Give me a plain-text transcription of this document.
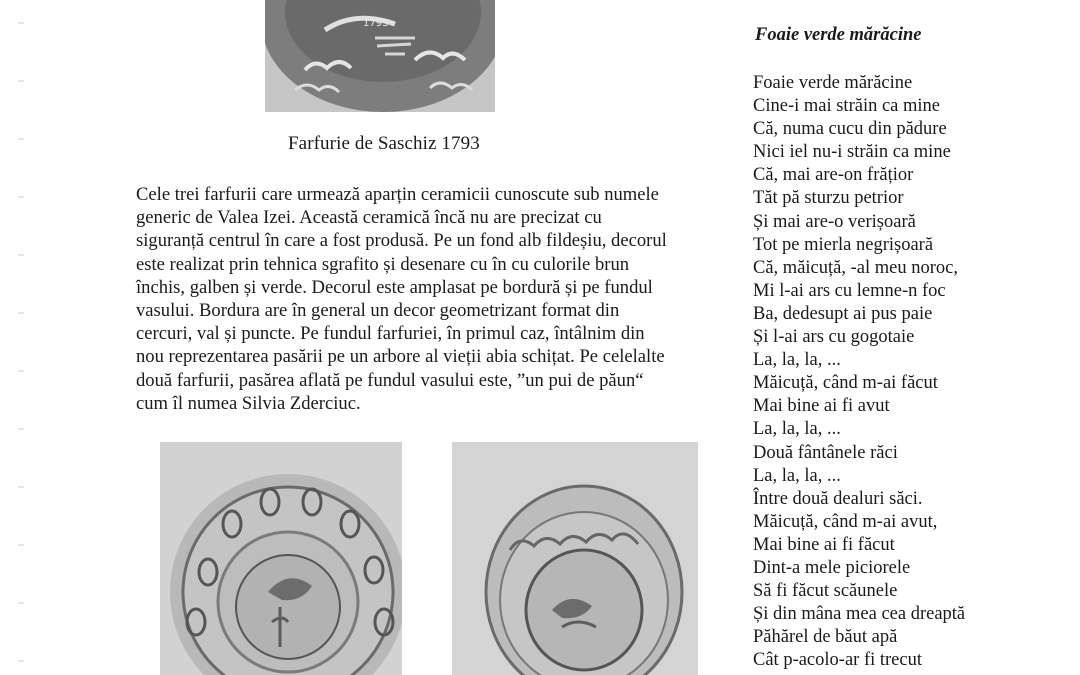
1793
Farfurie de Saschiz 1793
Cele trei farfurii care urmează aparțin ceramicii cunoscute sub numele
generic de Valea Izei. Această ceramică încă nu are precizat cu
siguranță centrul în care a fost produsă. Pe un fond alb fildeșiu, decorul
este realizat prin tehnica sgrafito și desenare cu în cu culorile brun
închis, galben și verde. Decorul este amplasat pe bordură și pe fundul
vasului. Bordura are în general un decor geometrizant format din
cercuri, val și puncte. Pe fundul farfuriei, în primul caz, întâlnim din
nou reprezentarea pasării pe un arbore al vieții abia schițat. Pe celelalte
două farfurii, pasărea aflată pe fundul vasului este, ”un pui de păun“
cum îl numea Silvia Zderciuc.
Foaie verde mărăcine
Foaie verde mărăcine
Cine-i mai străin ca mine
Că, numa cucu din pădure
Nici iel nu-i străin ca mine
Că, mai are-on frățior
Tăt pă sturzu petrior
Și mai are-o verișoară
Tot pe mierla negrișoară
Că, măicuță, -al meu noroc,
Mi l-ai ars cu lemne-n foc
Ba, dedesupt ai pus paie
Și l-ai ars cu gogotaie
La, la, la, ...
Măicuță, când m-ai făcut
Mai bine ai fi avut
La, la, la, ...
Două fântânele răci
La, la, la, ...
Între două dealuri săci.
Măicuță, când m-ai avut,
Mai bine ai fi făcut
Dint-a mele piciorele
Să fi făcut scăunele
Și din mâna mea cea dreaptă
Păhărel de băut apă
Cât p-acolo-ar fi trecut
